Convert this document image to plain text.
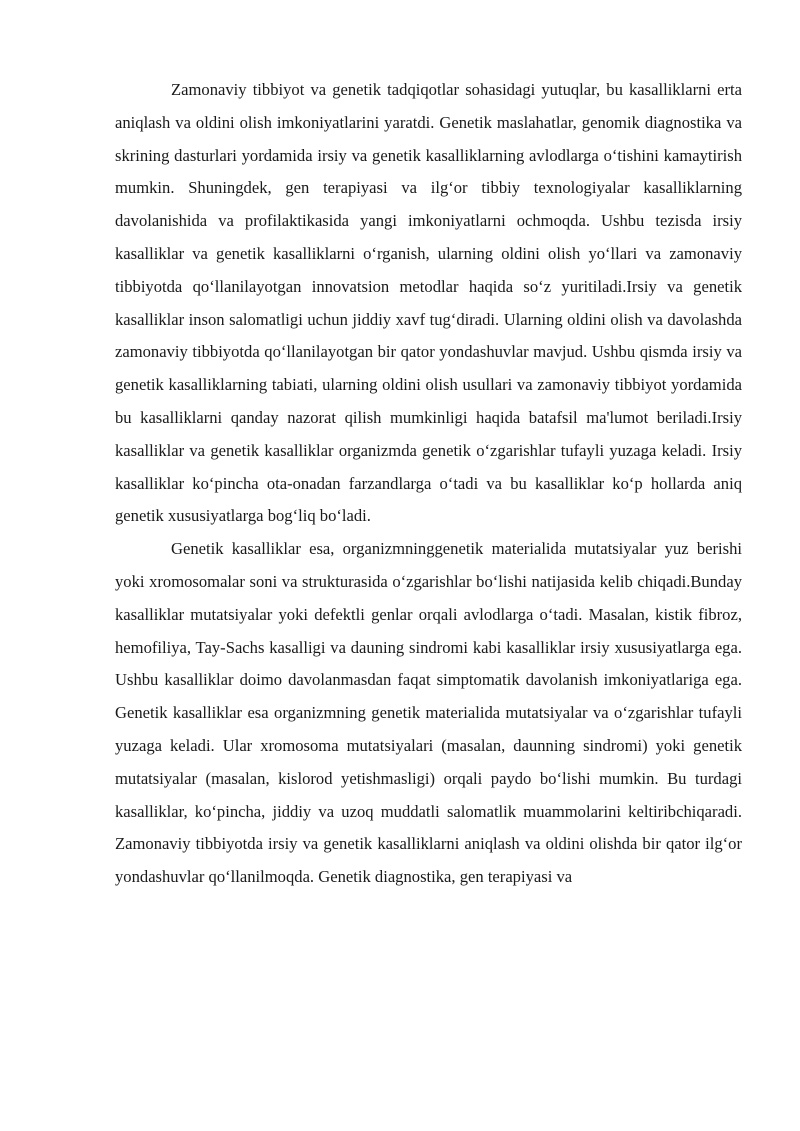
Zamonaviy tibbiyot va genetik tadqiqotlar sohasidagi yutuqlar, bu kasalliklarni erta aniqlash va oldini olish imkoniyatlarini yaratdi. Genetik maslahatlar, genomik diagnostika va skrining dasturlari yordamida irsiy va genetik kasalliklarning avlodlarga o‘tishini kamaytirish mumkin. Shuningdek, gen terapiyasi va ilg‘or tibbiy texnologiyalar kasalliklarning davolanishida va profilaktikasida yangi imkoniyatlarni ochmoqda. Ushbu tezisda irsiy kasalliklar va genetik kasalliklarni o‘rganish, ularning oldini olish yo‘llari va zamonaviy tibbiyotda qo‘llanilayotgan innovatsion metodlar haqida so‘z yuritiladi.Irsiy va genetik kasalliklar inson salomatligi uchun jiddiy xavf tug‘diradi. Ularning oldini olish va davolashda zamonaviy tibbiyotda qo‘llanilayotgan bir qator yondashuvlar mavjud. Ushbu qismda irsiy va genetik kasalliklarning tabiati, ularning oldini olish usullari va zamonaviy tibbiyot yordamida bu kasalliklarni qanday nazorat qilish mumkinligi haqida batafsil ma'lumot beriladi.Irsiy kasalliklar va genetik kasalliklar organizmda genetik o‘zgarishlar tufayli yuzaga keladi. Irsiy kasalliklar ko‘pincha ota-onadan farzandlarga o‘tadi va bu kasalliklar ko‘p hollarda aniq genetik xususiyatlarga bog‘liq bo‘ladi.

Genetik kasalliklar esa, organizmninggenetik materialida mutatsiyalar yuz berishi yoki xromosomalar soni va strukturasida o‘zgarishlar bo‘lishi natijasida kelib chiqadi.Bunday kasalliklar mutatsiyalar yoki defektli genlar orqali avlodlarga o‘tadi. Masalan, kistik fibroz, hemofiliya, Tay-Sachs kasalligi va dauning sindromi kabi kasalliklar irsiy xususiyatlarga ega. Ushbu kasalliklar doimo davolanmasdan faqat simptomatik davolanish imkoniyatlariga ega. Genetik kasalliklar esa organizmning genetik materialida mutatsiyalar va o‘zgarishlar tufayli yuzaga keladi. Ular xromosoma mutatsiyalari (masalan, daunning sindromi) yoki genetik mutatsiyalar (masalan, kislorod yetishmasligi) orqali paydo bo‘lishi mumkin. Bu turdagi kasalliklar, ko‘pincha, jiddiy va uzoq muddatli salomatlik muammolarini keltiribchiqaradi. Zamonaviy tibbiyotda irsiy va genetik kasalliklarni aniqlash va oldini olishda bir qator ilg‘or yondashuvlar qo‘llanilmoqda. Genetik diagnostika, gen terapiyasi va
